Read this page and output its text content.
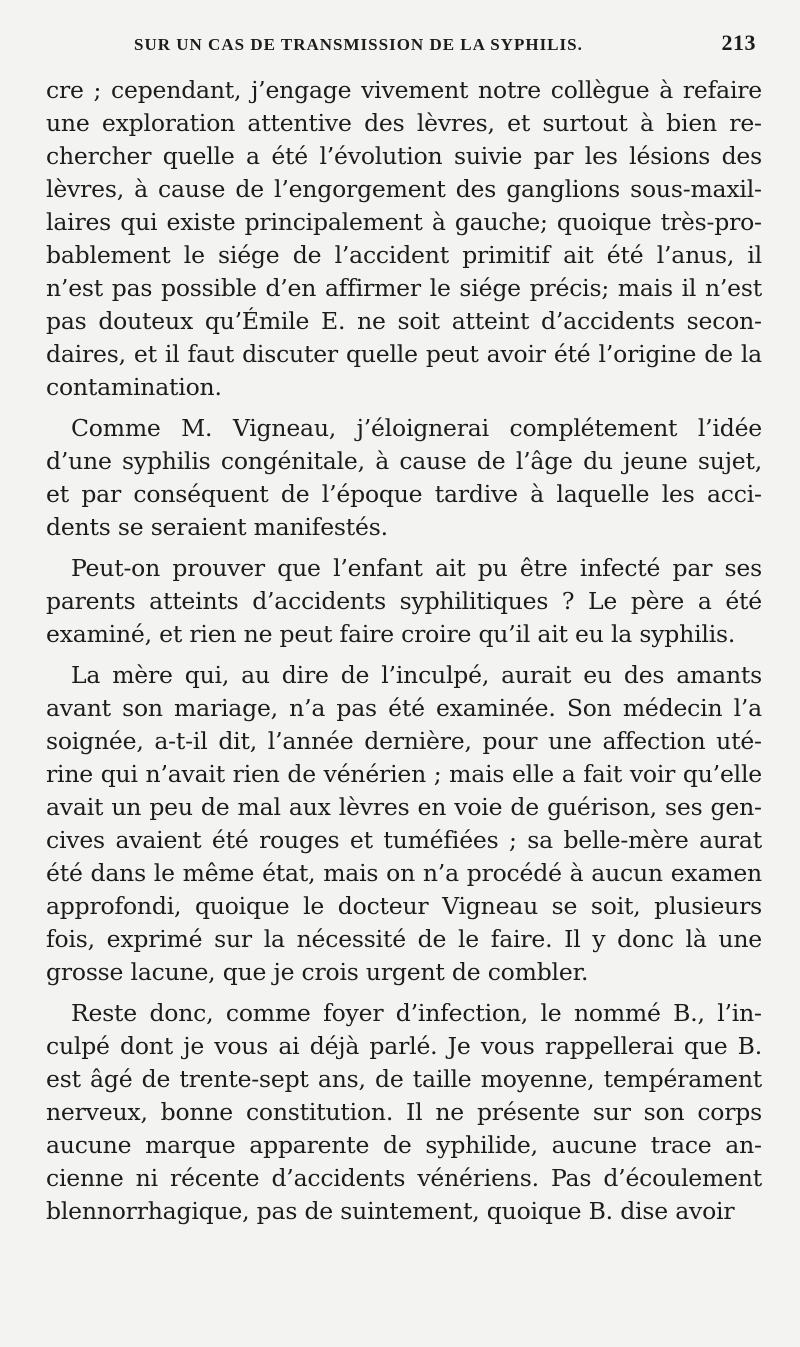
SUR UN CAS DE TRANSMISSION DE LA SYPHILIS.	213

cre ; cependant, j’engage vivement notre collègue à refaire une exploration attentive des lèvres, et surtout à bien rechercher quelle a été l’évolution suivie par les lésions des lèvres, à cause de l’engorgement des ganglions sous-maxillaires qui existe principalement à gauche; quoique très-probablement le siége de l’accident primitif ait été l’anus, il n’est pas possible d’en affirmer le siége précis; mais il n’est pas douteux qu’Émile E. ne soit atteint d’accidents secondaires, et il faut discuter quelle peut avoir été l’origine de la contamination.

Comme M. Vigneau, j’éloignerai complétement l’idée d’une syphilis congénitale, à cause de l’âge du jeune sujet, et par conséquent de l’époque tardive à laquelle les accidents se seraient manifestés.

Peut-on prouver que l’enfant ait pu être infecté par ses parents atteints d’accidents syphilitiques ? Le père a été examiné, et rien ne peut faire croire qu’il ait eu la syphilis.

La mère qui, au dire de l’inculpé, aurait eu des amants avant son mariage, n’a pas été examinée. Son médecin l’a soignée, a-t-il dit, l’année dernière, pour une affection utérine qui n’avait rien de vénérien ; mais elle a fait voir qu’elle avait un peu de mal aux lèvres en voie de guérison, ses gencives avaient été rouges et tuméfiées ; sa belle-mère aurat été dans le même état, mais on n’a procédé à aucun examen approfondi, quoique le docteur Vigneau se soit, plusieurs fois, exprimé sur la nécessité de le faire. Il y donc là une grosse lacune, que je crois urgent de combler.

Reste donc, comme foyer d’infection, le nommé B., l’inculpé dont je vous ai déjà parlé. Je vous rappellerai que B. est âgé de trente-sept ans, de taille moyenne, tempérament nerveux, bonne constitution. Il ne présente sur son corps aucune marque apparente de syphilide, aucune trace ancienne ni récente d’accidents vénériens. Pas d’écoulement blennorrhagique, pas de suintement, quoique B. dise avoir
